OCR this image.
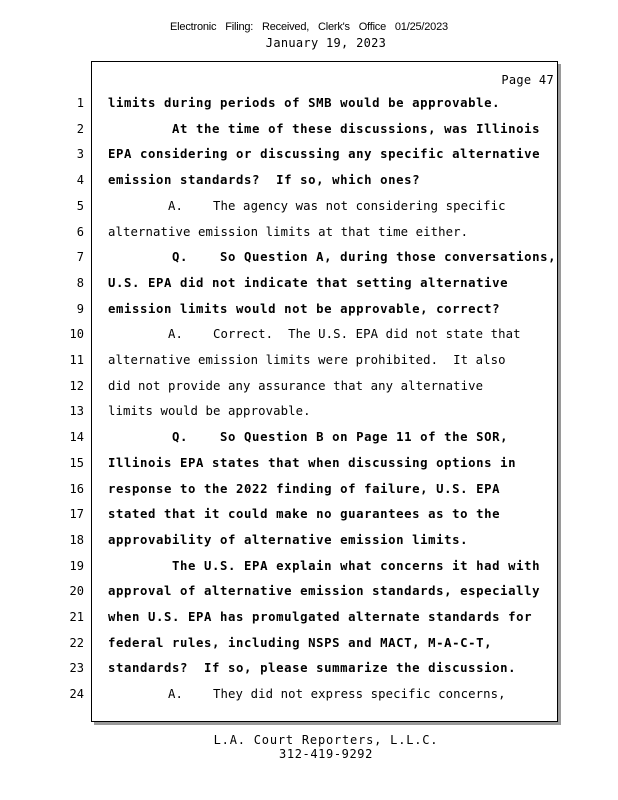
Electronic Filing: Received, Clerk's Office 01/25/2023
January 19, 2023
Page 47
1 limits during periods of SMB would be approvable.
2 At the time of these discussions, was Illinois
3 EPA considering or discussing any specific alternative
4 emission standards?  If so, which ones?
5 A.    The agency was not considering specific
6 alternative emission limits at that time either.
7 Q.    So Question A, during those conversations,
8 U.S. EPA did not indicate that setting alternative
9 emission limits would not be approvable, correct?
10 A.    Correct.  The U.S. EPA did not state that
11 alternative emission limits were prohibited.  It also
12 did not provide any assurance that any alternative
13 limits would be approvable.
14 Q.    So Question B on Page 11 of the SOR,
15 Illinois EPA states that when discussing options in
16 response to the 2022 finding of failure, U.S. EPA
17 stated that it could make no guarantees as to the
18 approvability of alternative emission limits.
19 The U.S. EPA explain what concerns it had with
20 approval of alternative emission standards, especially
21 when U.S. EPA has promulgated alternate standards for
22 federal rules, including NSPS and MACT, M-A-C-T,
23 standards?  If so, please summarize the discussion.
24 A.    They did not express specific concerns,
L.A. Court Reporters, L.L.C.
312-419-9292
